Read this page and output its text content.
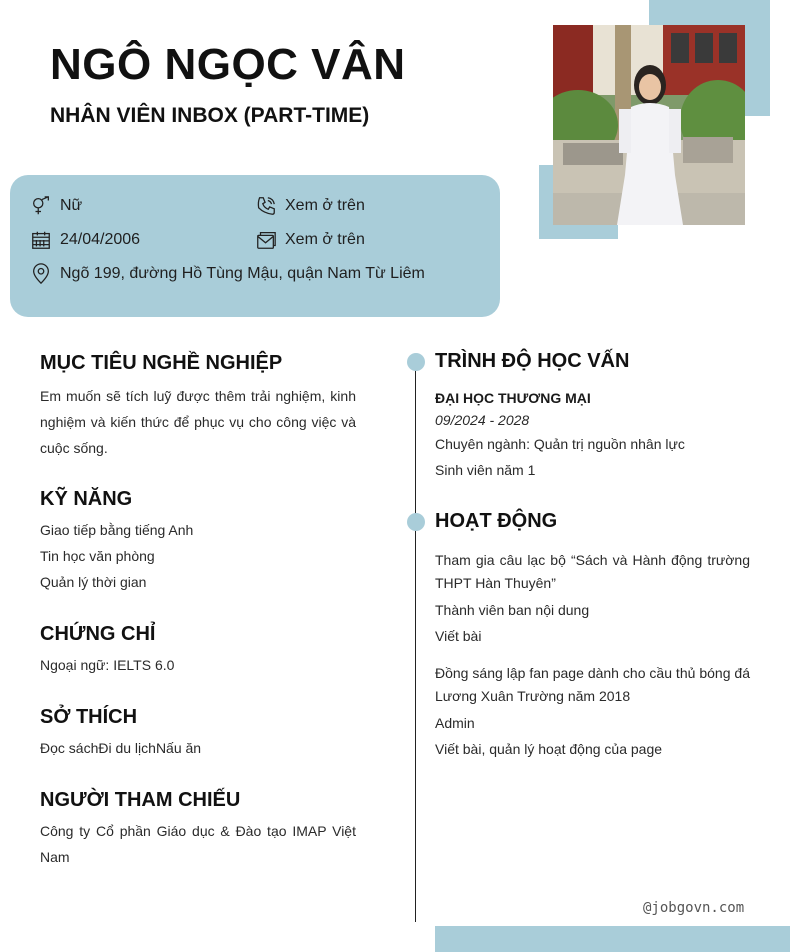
NGÔ NGỌC VÂN
NHÂN VIÊN INBOX (PART-TIME)
Nữ	Xem ở trên
24/04/2006	Xem ở trên
Ngõ 199, đường Hồ Tùng Mậu, quận Nam Từ Liêm
MỤC TIÊU NGHỀ NGHIỆP
Em muốn sẽ tích luỹ được thêm trải nghiệm, kinh nghiệm và kiến thức để phục vụ cho công việc và cuộc sống.
KỸ NĂNG
Giao tiếp bằng tiếng Anh
Tin học văn phòng
Quản lý thời gian
CHỨNG CHỈ
Ngoại ngữ: IELTS 6.0
SỞ THÍCH
Đọc sáchĐi du lịchNấu ăn
NGƯỜI THAM CHIẾU
Công ty Cổ phần Giáo dục & Đào tạo IMAP Việt Nam
TRÌNH ĐỘ HỌC VẤN
ĐẠI HỌC THƯƠNG MẠI
09/2024 - 2028
Chuyên ngành: Quản trị nguồn nhân lực
Sinh viên năm 1
HOẠT ĐỘNG
Tham gia câu lạc bộ “Sách và Hành động trường THPT Hàn Thuyên”
Thành viên ban nội dung
Viết bài
Đồng sáng lập fan page dành cho cầu thủ bóng đá Lương Xuân Trường năm 2018
Admin
Viết bài, quản lý hoạt động của page
@jobgovn.com
